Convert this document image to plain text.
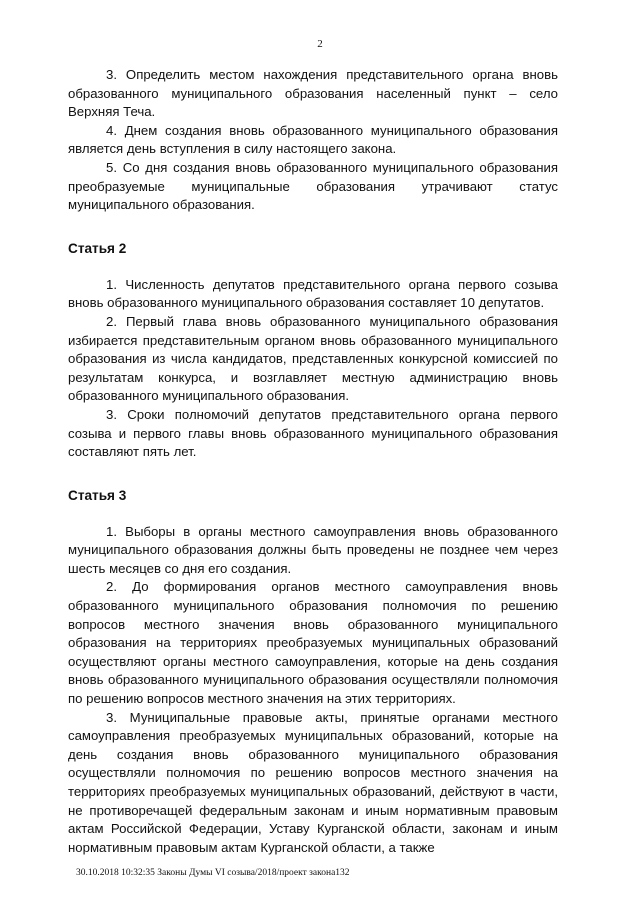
2

3. Определить местом нахождения представительного органа вновь образованного муниципального образования населенный пункт – село Верхняя Теча.

4. Днем создания вновь образованного муниципального образования является день вступления в силу настоящего закона.

5. Со дня создания вновь образованного муниципального образования преобразуемые муниципальные образования утрачивают статус муниципального образования.

Статья 2

1. Численность депутатов представительного органа первого созыва вновь образованного муниципального образования составляет 10 депутатов.

2. Первый глава вновь образованного муниципального образования избирается представительным органом вновь образованного муниципального образования из числа кандидатов, представленных конкурсной комиссией по результатам конкурса, и возглавляет местную администрацию вновь образованного муниципального образования.

3. Сроки полномочий депутатов представительного органа первого созыва и первого главы вновь образованного муниципального образования составляют пять лет.

Статья 3

1. Выборы в органы местного самоуправления вновь образованного муниципального образования должны быть проведены не позднее чем через шесть месяцев со дня его создания.

2. До формирования органов местного самоуправления вновь образованного муниципального образования полномочия по решению вопросов местного значения вновь образованного муниципального образования на территориях преобразуемых муниципальных образований осуществляют органы местного самоуправления, которые на день создания вновь образованного муниципального образования осуществляли полномочия по решению вопросов местного значения на этих территориях.

3. Муниципальные правовые акты, принятые органами местного самоуправления преобразуемых муниципальных образований, которые на день создания вновь образованного муниципального образования осуществляли полномочия по решению вопросов местного значения на территориях преобразуемых муниципальных образований, действуют в части, не противоречащей федеральным законам и иным нормативным правовым актам Российской Федерации, Уставу Курганской области, законам и иным нормативным правовым актам Курганской области, а также

30.10.2018 10:32:35 Законы Думы VI созыва/2018/проект закона132
